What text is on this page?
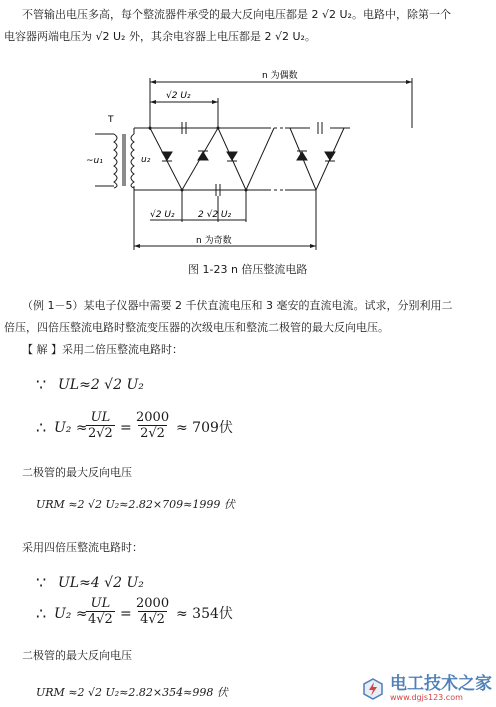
不管输出电压多高，每个整流器件承受的最大反向电压都是 2 √2 U₂。电路中，除第一个
电容器两端电压为 √2 U₂ 外，其余电容器上电压都是 2 √2 U₂。
n 为偶数
√2 U₂
T
~u₁	u₂
√2 U₂	2 √2 U₂
n 为奇数
图 1-23 n 倍压整流电路
（例 1－5）某电子仪器中需要 2 千伏直流电压和 3 毫安的直流电流。试求，分别利用二
倍压，四倍压整流电路时整流变压器的次级电压和整流二极管的最大反向电压。
【 解 】采用二倍压整流电路时：
∵ UL≈2 √2 U₂
∴ U₂ ≈
$\frac{UL}{2√2} = \frac{2000}{2√2} \approx 709$伏
二极管的最大反向电压
URM ≈2 √2 U₂≈2.82×709≈1999 伏
采用四倍压整流电路时：
∵ UL≈4 √2 U₂
∴ U₂ ≈
$\frac{UL}{4√2} = \frac{2000}{4√2} \approx 354$伏
二极管的最大反向电压
URM ≈2 √2 U₂≈2.82×354≈998 伏	电工技术之家
www.dgjs123.com
